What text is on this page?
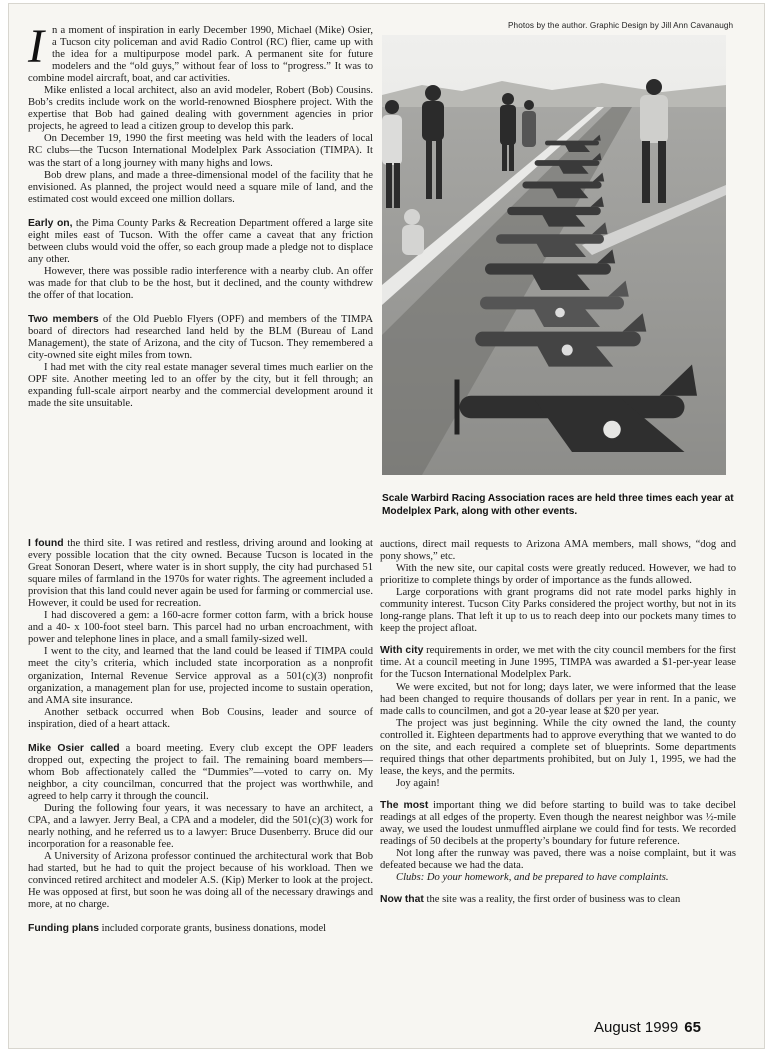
Photos by the author. Graphic Design by Jill Ann Cavanaugh

In a moment of inspiration in early December 1990, Michael (Mike) Osier, a Tucson city policeman and avid Radio Control (RC) flier, came up with the idea for a multipurpose model park. A permanent site for future modelers and the “old guys,” without fear of loss to “progress.” It was to combine model aircraft, boat, and car activities.

Mike enlisted a local architect, also an avid modeler, Robert (Bob) Cousins. Bob’s credits include work on the world-renowned Biosphere project. With the expertise that Bob had gained dealing with government agencies in prior projects, he agreed to lead a citizen group to develop this park.

On December 19, 1990 the first meeting was held with the leaders of local RC clubs—the Tucson International Modelplex Park Association (TIMPA). It was the start of a long journey with many highs and lows.

Bob drew plans, and made a three-dimensional model of the facility that he envisioned. As planned, the project would need a square mile of land, and the estimated cost would exceed one million dollars.

Early on, the Pima County Parks & Recreation Department offered a large site eight miles east of Tucson. With the offer came a caveat that any friction between clubs would void the offer, so each group made a pledge not to displace any other.

However, there was possible radio interference with a nearby club. An offer was made for that club to be the host, but it declined, and the county withdrew the offer of that location.

Two members of the Old Pueblo Flyers (OPF) and members of the TIMPA board of directors had researched land held by the BLM (Bureau of Land Management), the state of Arizona, and the city of Tucson. They remembered a city-owned site eight miles from town.

I had met with the city real estate manager several times much earlier on the OPF site. Another meeting led to an offer by the city, but it fell through; an expanding full-scale airport nearby and the commercial development around it made the site unsuitable.

Scale Warbird Racing Association races are held three times each year at Modelplex Park, along with other events.

I found the third site. I was retired and restless, driving around and looking at every possible location that the city owned. Because Tucson is located in the Great Sonoran Desert, where water is in short supply, the city had purchased 51 square miles of farmland in the 1970s for water rights. The agreement included a provision that this land could never again be used for farming or commercial use. However, it could be used for recreation.

I had discovered a gem: a 160-acre former cotton farm, with a brick house and a 40- x 100-foot steel barn. This parcel had no urban encroachment, with power and telephone lines in place, and a small family-sized well.

I went to the city, and learned that the land could be leased if TIMPA could meet the city’s criteria, which included state incorporation as a nonprofit organization, Internal Revenue Service approval as a 501(c)(3) nonprofit organization, a management plan for use, projected income to sustain operation, and AMA site insurance.

Another setback occurred when Bob Cousins, leader and source of inspiration, died of a heart attack.

Mike Osier called a board meeting. Every club except the OPF leaders dropped out, expecting the project to fail. The remaining board members—whom Bob affectionately called the “Dummies”—voted to carry on. My neighbor, a city councilman, concurred that the project was worthwhile, and agreed to help carry it through the council.

During the following four years, it was necessary to have an architect, a CPA, and a lawyer. Jerry Beal, a CPA and a modeler, did the 501(c)(3) work for nearly nothing, and he referred us to a lawyer: Bruce Dusenberry. Bruce did our incorporation for a reasonable fee.

A University of Arizona professor continued the architectural work that Bob had started, but he had to quit the project because of his workload. Then we convinced retired architect and modeler A.S. (Kip) Merker to look at the project. He was opposed at first, but soon he was doing all of the necessary drawings and more, at no charge.

Funding plans included corporate grants, business donations, model

auctions, direct mail requests to Arizona AMA members, mall shows, “dog and pony shows,” etc.

With the new site, our capital costs were greatly reduced. However, we had to prioritize to complete things by order of importance as the funds allowed.

Large corporations with grant programs did not rate model parks highly in community interest. Tucson City Parks considered the project worthy, but not in its long-range plans. That left it up to us to reach deep into our pockets many times to keep the project afloat.

With city requirements in order, we met with the city council members for the first time. At a council meeting in June 1995, TIMPA was awarded a $1-per-year lease for the Tucson International Modelplex Park.

We were excited, but not for long; days later, we were informed that the lease had been changed to require thousands of dollars per year in rent. In a panic, we made calls to councilmen, and got a 20-year lease at $20 per year.

The project was just beginning. While the city owned the land, the county controlled it. Eighteen departments had to approve everything that we wanted to do on the site, and each required a complete set of blueprints. Some departments required things that other departments prohibited, but on July 1, 1995, we had the lease, the keys, and the permits.

Joy again!

The most important thing we did before starting to build was to take decibel readings at all edges of the property. Even though the nearest neighbor was ½-mile away, we used the loudest unmuffled airplane we could find for tests. We recorded readings of 50 decibels at the property’s boundary for future reference.

Not long after the runway was paved, there was a noise complaint, but it was defeated because we had the data.

Clubs: Do your homework, and be prepared to have complaints.

Now that the site was a reality, the first order of business was to clean

August 1999 65
